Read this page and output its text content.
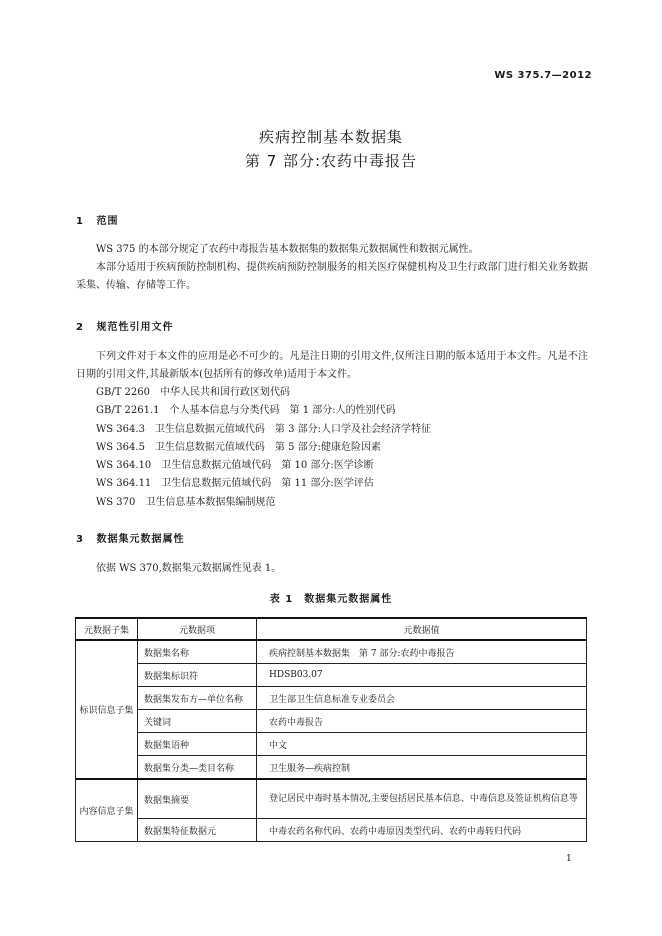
WS 375.7—2012
疾病控制基本数据集
第 7 部分:农药中毒报告
1 范围

WS 375 的本部分规定了农药中毒报告基本数据集的数据集元数据属性和数据元属性。

本部分适用于疾病预防控制机构、提供疾病预防控制服务的相关医疗保健机构及卫生行政部门进行相关业务数据采集、传输、存储等工作。

2 规范性引用文件

下列文件对于本文件的应用是必不可少的。凡是注日期的引用文件,仅所注日期的版本适用于本文件。凡是不注日期的引用文件,其最新版本(包括所有的修改单)适用于本文件。

GB/T 2260　中华人民共和国行政区划代码
GB/T 2261.1　个人基本信息与分类代码　第 1 部分:人的性别代码
WS 364.3　卫生信息数据元值域代码　第 3 部分:人口学及社会经济学特征
WS 364.5　卫生信息数据元值域代码　第 5 部分:健康危险因素
WS 364.10　卫生信息数据元值域代码　第 10 部分:医学诊断
WS 364.11　卫生信息数据元值域代码　第 11 部分:医学评估
WS 370　卫生信息基本数据集编制规范
3 数据集元数据属性

依据 WS 370,数据集元数据属性见表 1。

表 1　数据集元数据属性
元数据子集	元数据项	元数据值
标识信息子集	数据集名称	疾病控制基本数据集　第 7 部分:农药中毒报告
	数据集标识符	HDSB03.07
	数据集发布方—单位名称	卫生部卫生信息标准专业委员会
	关键词	农药中毒报告
	数据集语种	中文
	数据集分类—类目名称	卫生服务—疾病控制
内容信息子集	数据集摘要	登记居民中毒时基本情况,主要包括居民基本信息、中毒信息及签证机构信息等
	数据集特征数据元	中毒农药名称代码、农药中毒原因类型代码、农药中毒转归代码
1
